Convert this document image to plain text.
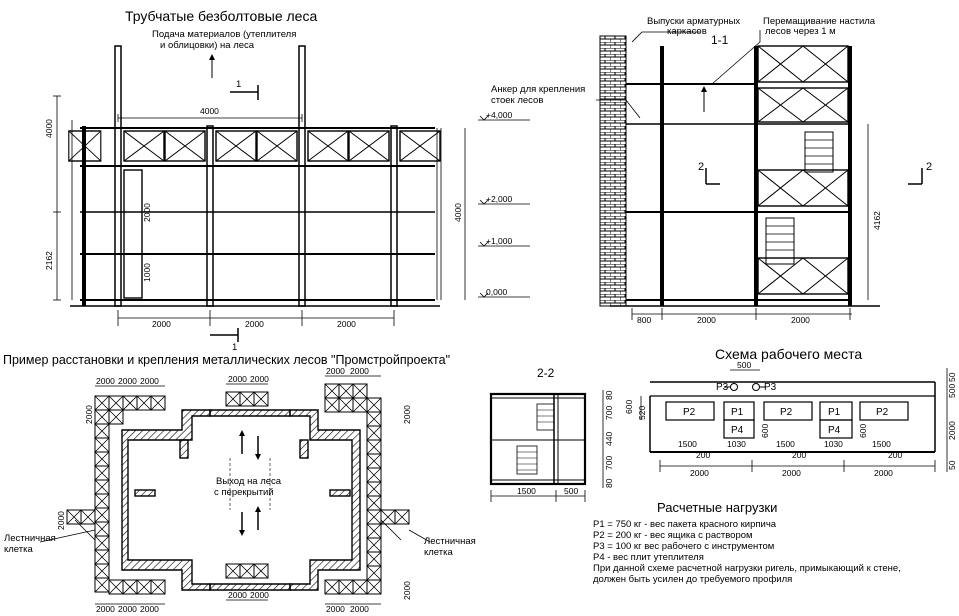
Трубчатые безболтовые леса
Пример расстановки и крепления металлических лесов "Промстройпроекта"	Схема рабочего места
Расчетные нагрузки
Подача материалов (утеплителя
и облицовки) на леса
1
1
4000
4000
2162
2000
1000
4000
2000	2000	2000
+4,000
+2,000
+1,000
0,000
1-1
Выпуски арматурных
каркасов
Перемащивание настила
лесов через 1 м
Анкер для крепления
стоек лесов
2	2
4162
800	2000	2000
2000 2000 2000	2000 2000
2000 2000
2000
2000
2000
2000
2000 2000 2000
2000 2000
2000 2000
Выход на леса
с перекрытий
Лестничная
клетка
Лестничная
клетка
2-2
80
700
440
700
80
1500	500
P2	P1	P2	P1	P2
P4	P4
P3	P3
500
600 520
1500	1030
600
1500	1030
600
1500
200	200	200
2000	2000	2000
50
500
2000
50
P1 = 750 кг - вес пакета красного кирпича
P2 = 200 кг - вес ящика с раствором
P3 = 100 кг вес рабочего с инструментом
P4 - вес плит утеплителя
При данной схеме расчетной нагрузки ригель, примыкающий к стене,
должен быть усилен до требуемого профиля
